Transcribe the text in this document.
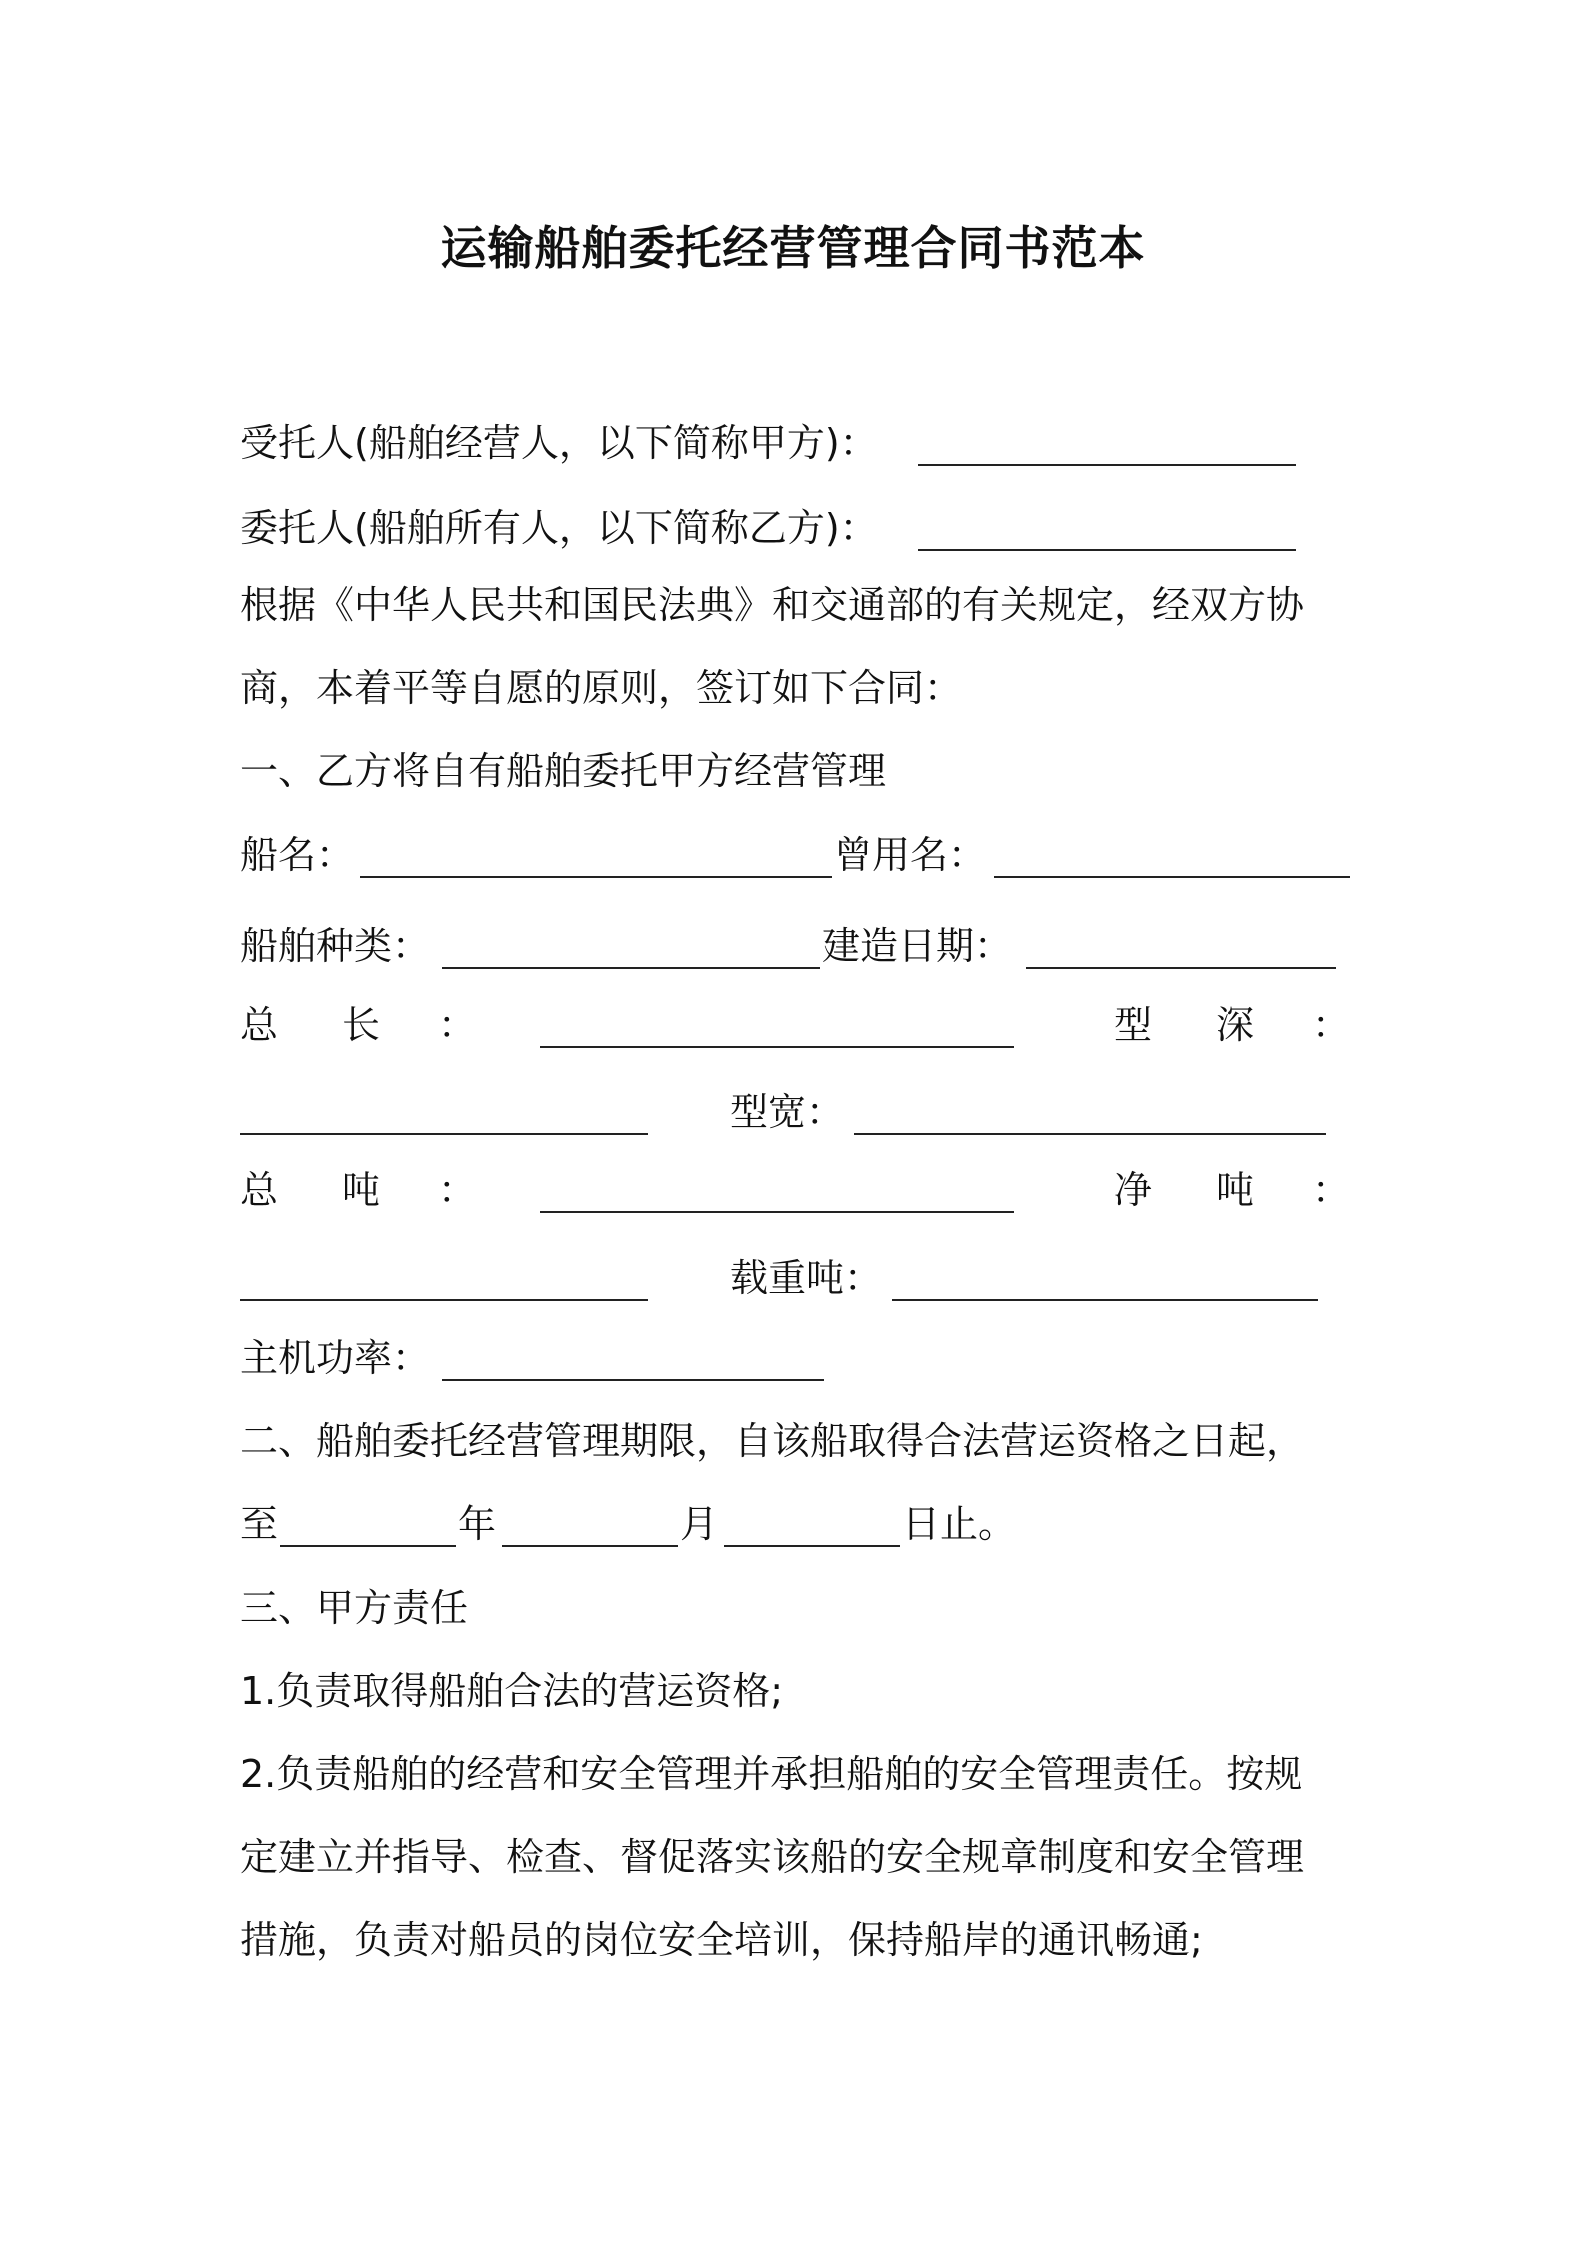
运输船舶委托经营管理合同书范本
受托人(船舶经营人，以下简称甲方)：
委托人(船舶所有人，以下简称乙方)：
根据《中华人民共和国民法典》和交通部的有关规定，经双方协
商，本着平等自愿的原则，签订如下合同：
一、乙方将自有船舶委托甲方经营管理
船名：	曾用名：
船舶种类：	建造日期：
总 长 ：	型 深 ：
型宽：
总 吨 ：	净 吨 ：
载重吨：
主机功率：
二、船舶委托经营管理期限，自该船取得合法营运资格之日起，
至	年	月	日止。
三、甲方责任
1.负责取得船舶合法的营运资格;
2.负责船舶的经营和安全管理并承担船舶的安全管理责任。按规
定建立并指导、检查、督促落实该船的安全规章制度和安全管理
措施，负责对船员的岗位安全培训，保持船岸的通讯畅通;
